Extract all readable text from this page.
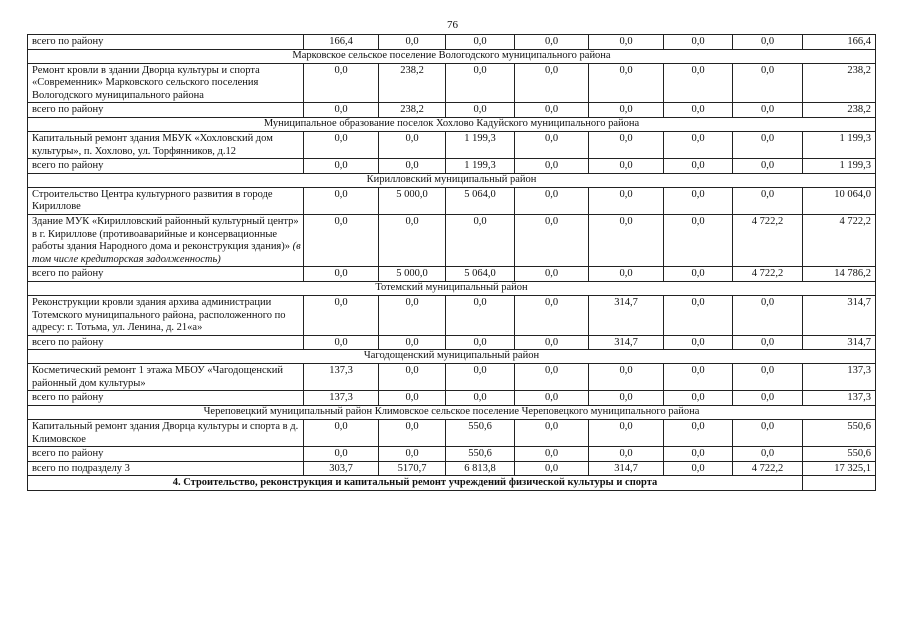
76
всего по району	166,4	0,0	0,0	0,0	0,0	0,0	0,0	166,4
Марковское сельское поселение Вологодского муниципального района								
Ремонт кровли в здании Дворца культуры и спорта «Современник» Марковского сельского поселения Вологодского муниципального района	0,0	238,2	0,0	0,0	0,0	0,0	0,0	238,2
всего по району	0,0	238,2	0,0	0,0	0,0	0,0	0,0	238,2
Муниципальное образование поселок Хохлово Кадуйского муниципального района								
Капитальный ремонт здания МБУК «Хохловский дом культуры», п. Хохлово, ул. Торфянников, д.12	0,0	0,0	1 199,3	0,0	0,0	0,0	0,0	1 199,3
всего по району	0,0	0,0	1 199,3	0,0	0,0	0,0	0,0	1 199,3
Кирилловский муниципальный район								
Строительство Центра культурного развития в городе Кириллове	0,0	5 000,0	5 064,0	0,0	0,0	0,0	0,0	10 064,0
Здание МУК «Кирилловский районный культурный центр» в г. Кириллове (противоаварийные и консервационные работы здания Народного дома и реконструкция здания)» (в том числе кредиторская задолженность)	0,0	0,0	0,0	0,0	0,0	0,0	4 722,2	4 722,2
всего по району	0,0	5 000,0	5 064,0	0,0	0,0	0,0	4 722,2	14 786,2
Тотемский муниципальный район								
Реконструкции кровли здания архива администрации Тотемского муниципального района, расположенного по адресу: г. Тотьма, ул. Ленина, д. 21«а»	0,0	0,0	0,0	0,0	314,7	0,0	0,0	314,7
всего по району	0,0	0,0	0,0	0,0	314,7	0,0	0,0	314,7
Чагодощенский муниципальный район								
Косметический ремонт 1 этажа МБОУ «Чагодощенский районный дом культуры»	137,3	0,0	0,0	0,0	0,0	0,0	0,0	137,3
всего по району	137,3	0,0	0,0	0,0	0,0	0,0	0,0	137,3
Череповецкий муниципальный район Климовское сельское поселение Череповецкого муниципального района								
Капитальный ремонт здания Дворца культуры и спорта в д. Климовское	0,0	0,0	550,6	0,0	0,0	0,0	0,0	550,6
всего по району	0,0	0,0	550,6	0,0	0,0	0,0	0,0	550,6
всего по подразделу 3	303,7	5170,7	6 813,8	0,0	314,7	0,0	4 722,2	17 325,1
4. Строительство, реконструкция и капитальный ремонт учреждений физической культуры и спорта								
